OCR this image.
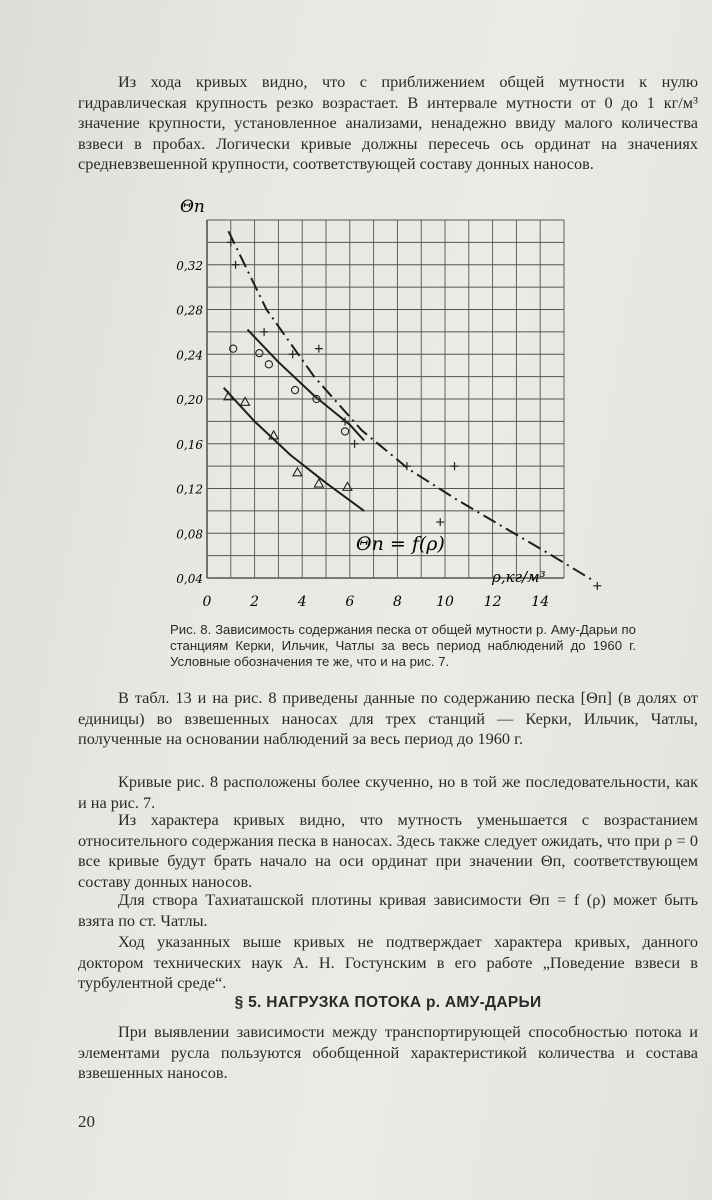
Из хода кривых видно, что с приближением общей мутности к нулю гидравлическая крупность резко возрастает. В интервале мутности от 0 до 1 кг/м³ значение крупности, установленное анализами, ненадежно ввиду малого количества взвеси в пробах. Логически кривые должны пересечь ось ординат на значениях средневзвешенной крупности, соответствующей составу донных наносов.

0	2	4	6	8 10 12 14
0,04
0,08
0,12
0,16
0,20
0,24
0,28
0,32
Θп
ρ,кг/м³
Θп = f(ρ)
Рис. 8. Зависимость содержания песка от общей мутности р. Аму-Дарьи по станциям Керки, Ильчик, Чатлы за весь период наблюдений до 1960 г. Условные обозначения те же, что и на рис. 7.

В табл. 13 и на рис. 8 приведены данные по содержанию песка [Θп] (в долях от единицы) во взвешенных наносах для трех станций — Керки, Ильчик, Чатлы, полученные на основании наблюдений за весь период до 1960 г.

Кривые рис. 8 расположены более скученно, но в той же последовательности, как и на рис. 7.

Из характера кривых видно, что мутность уменьшается с возрастанием относительного содержания песка в наносах. Здесь также следует ожидать, что при ρ = 0 все кривые будут брать начало на оси ординат при значении Θп, соответствующем составу донных наносов.

Для створа Тахиаташской плотины кривая зависимости Θп = f (ρ) может быть взята по ст. Чатлы.

Ход указанных выше кривых не подтверждает характера кривых, данного доктором технических наук А. Н. Гостунским в его работе „Поведение взвеси в турбулентной среде“.

§ 5. НАГРУЗКА ПОТОКА р. АМУ-ДАРЬИ

При выявлении зависимости между транспортирующей способностью потока и элементами русла пользуются обобщенной характеристикой количества и состава взвешенных наносов.

20
